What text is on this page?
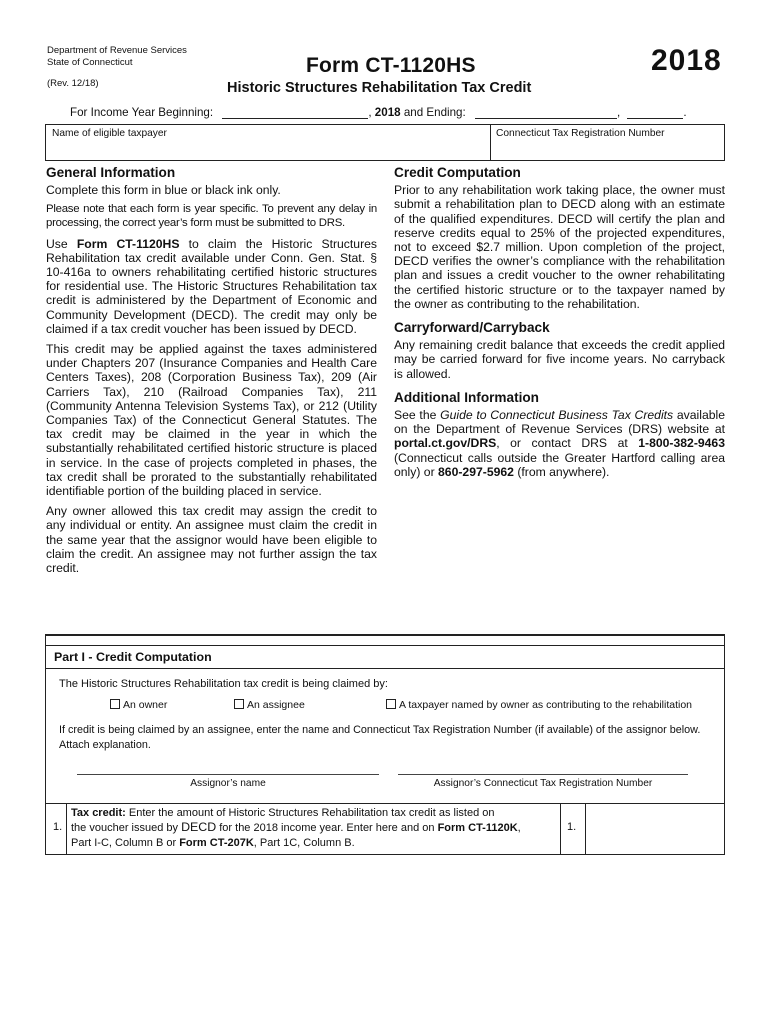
Department of Revenue Services
State of Connecticut
(Rev. 12/18)
Form CT-1120HS	2018
Historic Structures Rehabilitation Tax Credit
For Income Year Beginning:	, 2018 and Ending:	,	.
Name of eligible taxpayer	Connecticut Tax Registration Number
General Information

Complete this form in blue or black ink only.

Please note that each form is year specific. To prevent any delay in processing, the correct year’s form must be submitted to DRS.

Use Form CT-1120HS to claim the Historic Structures Rehabilitation tax credit available under Conn. Gen. Stat. § 10-416a to owners rehabilitating certified historic structures for residential use. The Historic Structures Rehabilitation tax credit is administered by the Department of Economic and Community Development (DECD). The credit may only be claimed if a tax credit voucher has been issued by DECD.

This credit may be applied against the taxes administered under Chapters 207 (Insurance Companies and Health Care Centers Taxes), 208 (Corporation Business Tax), 209 (Air Carriers Tax), 210 (Railroad Companies Tax), 211 (Community Antenna Television Systems Tax), or 212 (Utility Companies Tax) of the Connecticut General Statutes. The tax credit may be claimed in the year in which the substantially rehabilitated certified historic structure is placed in service. In the case of projects completed in phases, the tax credit shall be prorated to the substantially rehabilitated identifiable portion of the building placed in service.

Any owner allowed this tax credit may assign the credit to any individual or entity. An assignee must claim the credit in the same year that the assignor would have been eligible to claim the credit. An assignee may not further assign the tax credit.

Credit Computation

Prior to any rehabilitation work taking place, the owner must submit a rehabilitation plan to DECD along with an estimate of the qualified expenditures. DECD will certify the plan and reserve credits equal to 25% of the projected expenditures, not to exceed $2.7 million. Upon completion of the project, DECD verifies the owner’s compliance with the rehabilitation plan and issues a credit voucher to the owner rehabilitating the certified historic structure or to the taxpayer named by the owner as contributing to the rehabilitation.

Carryforward/Carryback

Any remaining credit balance that exceeds the credit applied may be carried forward for five income years. No carryback is allowed.

Additional Information

See the Guide to Connecticut Business Tax Credits available on the Department of Revenue Services (DRS) website at portal.ct.gov/DRS, or contact DRS at 1-800-382-9463 (Connecticut calls outside the Greater Hartford calling area only) or 860-297-5962 (from anywhere).

Part I - Credit Computation
The Historic Structures Rehabilitation tax credit is being claimed by:
An owner	An assignee	A taxpayer named by owner as contributing to the rehabilitation
If credit is being claimed by an assignee, enter the name and Connecticut Tax Registration Number (if available) of the assignor below. Attach explanation.
Assignor’s name	Assignor’s Connecticut Tax Registration Number
1.
Tax credit: Enter the amount of Historic Structures Rehabilitation tax credit as listed on
the voucher issued by DECD for the 2018 income year. Enter here and on Form CT-1120K,
Part I-C, Column B or Form CT-207K, Part 1C, Column B.
1.
